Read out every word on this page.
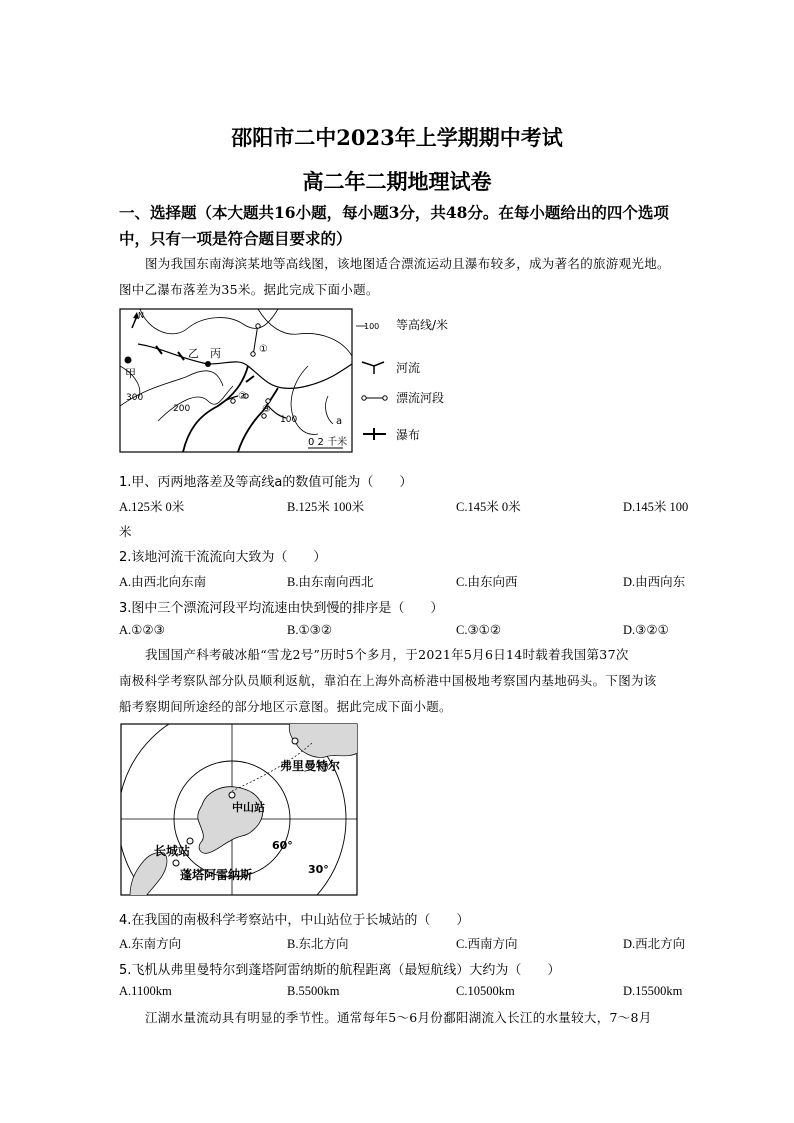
邵阳市二中2023年上学期期中考试
高二年二期地理试卷
一、选择题（本大题共16小题，每小题3分，共48分。在每小题给出的四个选项
中，只有一项是符合题目要求的）
图为我国东南海滨某地等高线图，该地图适合漂流运动且瀑布较多，成为著名的旅游观光地。
图中乙瀑布落差为35米。据此完成下面小题。
N
甲
乙 丙	①
②
③
300
200
100	a
0 2 千米
100 等高线/米
河流
漂流河段
瀑布
1.甲、丙两地落差及等高线a的数值可能为（　　）
A.125米 0米	B.125米 100米	C.145米 0米	D.145米 100
米
2.该地河流干流流向大致为（　　）
A.由西北向东南	B.由东南向西北	C.由东向西	D.由西向东
3.图中三个漂流河段平均流速由快到慢的排序是（　　）
A.①②③	B.①③②	C.③①②	D.③②①
我国国产科考破冰船“雪龙2号”历时5个多月，于2021年5月6日14时载着我国第37次
南极科学考察队部分队员顺利返航，靠泊在上海外高桥港中国极地考察国内基地码头。下图为该
船考察期间所途经的部分地区示意图。据此完成下面小题。
弗里曼特尔
中山站
长城站
蓬塔阿雷纳斯
60°
30°
4.在我国的南极科学考察站中，中山站位于长城站的（　　）
A.东南方向	B.东北方向	C.西南方向	D.西北方向
5.飞机从弗里曼特尔到蓬塔阿雷纳斯的航程距离（最短航线）大约为（　　）
A.1100km	B.5500km	C.10500km	D.15500km
江湖水量流动具有明显的季节性。通常每年5～6月份鄱阳湖流入长江的水量较大，7～8月
